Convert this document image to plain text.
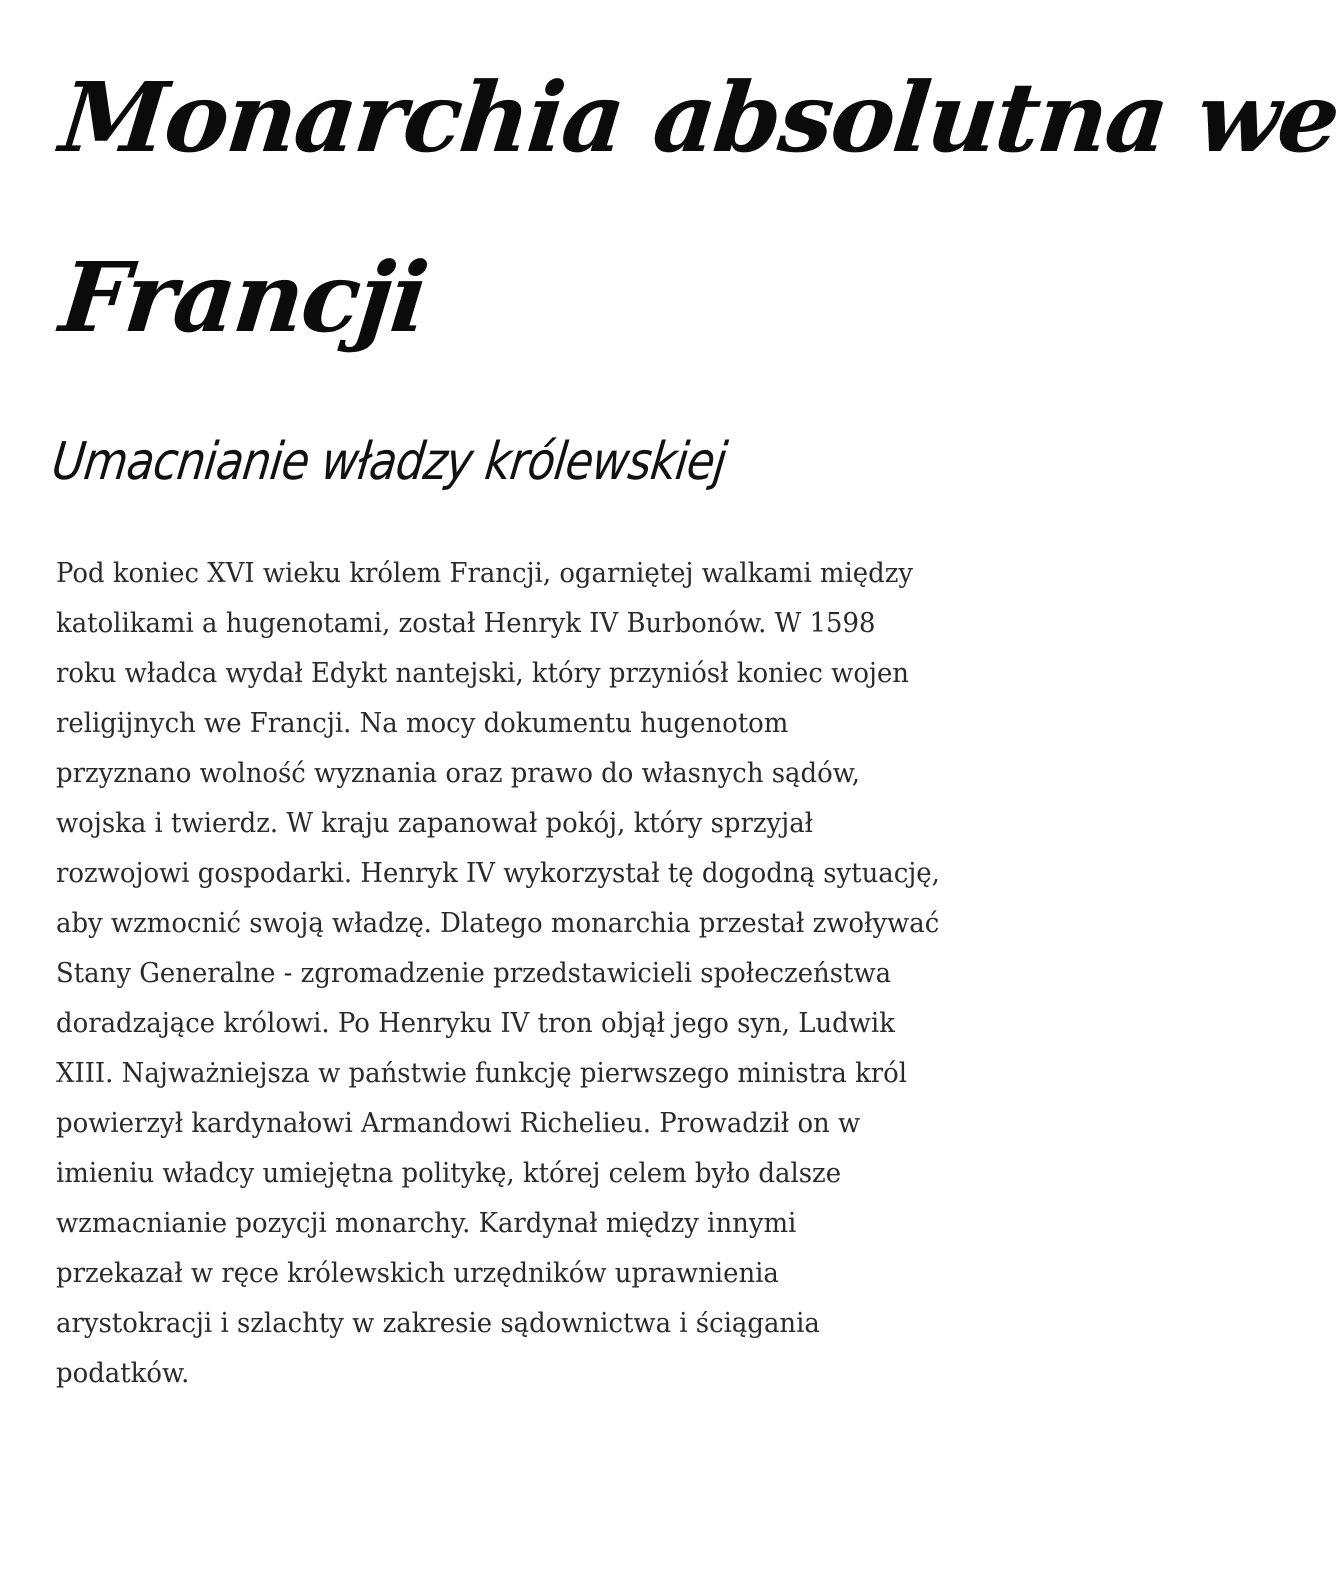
Monarchia absolutna we
Francji
Umacnianie władzy królewskiej
Pod koniec XVI wieku królem Francji, ogarniętej walkami między
katolikami a hugenotami, został Henryk IV Burbonów. W 1598
roku władca wydał Edykt nantejski, który przyniósł koniec wojen
religijnych we Francji. Na mocy dokumentu hugenotom
przyznano wolność wyznania oraz prawo do własnych sądów,
wojska i twierdz. W kraju zapanował pokój, który sprzyjał
rozwojowi gospodarki. Henryk IV wykorzystał tę dogodną sytuację,
aby wzmocnić swoją władzę. Dlatego monarchia przestał zwoływać
Stany Generalne - zgromadzenie przedstawicieli społeczeństwa
doradzające królowi. Po Henryku IV tron objął jego syn, Ludwik
XIII. Najważniejsza w państwie funkcję pierwszego ministra król
powierzył kardynałowi Armandowi Richelieu. Prowadził on w
imieniu władcy umiejętna politykę, której celem było dalsze
wzmacnianie pozycji monarchy. Kardynał między innymi
przekazał w ręce królewskich urzędników uprawnienia
arystokracji i szlachty w zakresie sądownictwa i ściągania
podatków.
